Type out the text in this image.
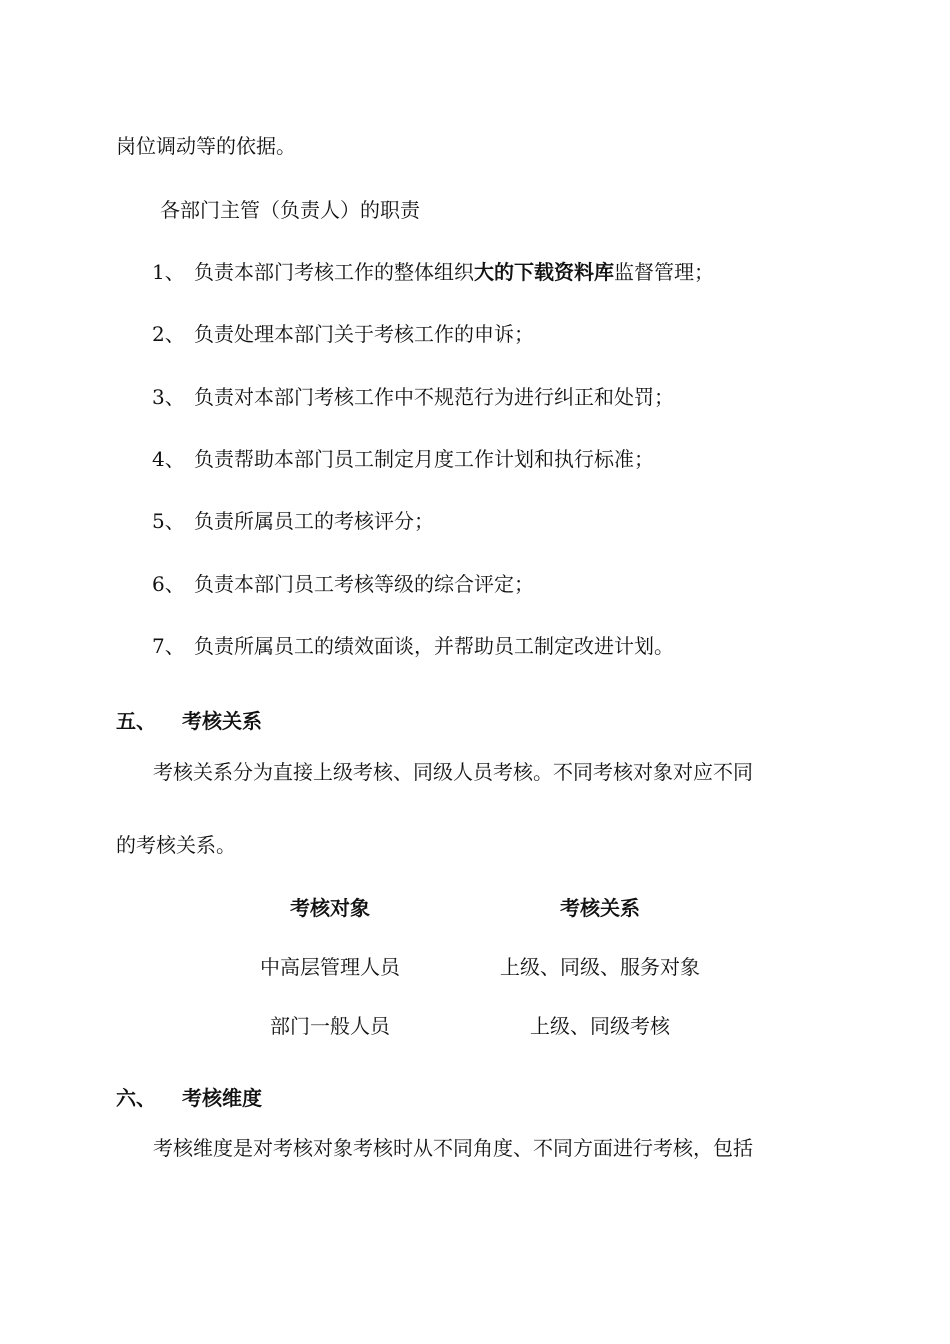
岗位调动等的依据。
各部门主管（负责人）的职责
1、 负责本部门考核工作的整体组织大的下载资料库监督管理；
2、 负责处理本部门关于考核工作的申诉；
3、 负责对本部门考核工作中不规范行为进行纠正和处罚；
4、 负责帮助本部门员工制定月度工作计划和执行标准；
5、 负责所属员工的考核评分；
6、 负责本部门员工考核等级的综合评定；
7、 负责所属员工的绩效面谈，并帮助员工制定改进计划。
五、 考核关系
考核关系分为直接上级考核、同级人员考核。不同考核对象对应不同
的考核关系。
考核对象	考核关系
中高层管理人员	上级、同级、服务对象
部门一般人员	上级、同级考核
六、 考核维度
考核维度是对考核对象考核时从不同角度、不同方面进行考核，包括
